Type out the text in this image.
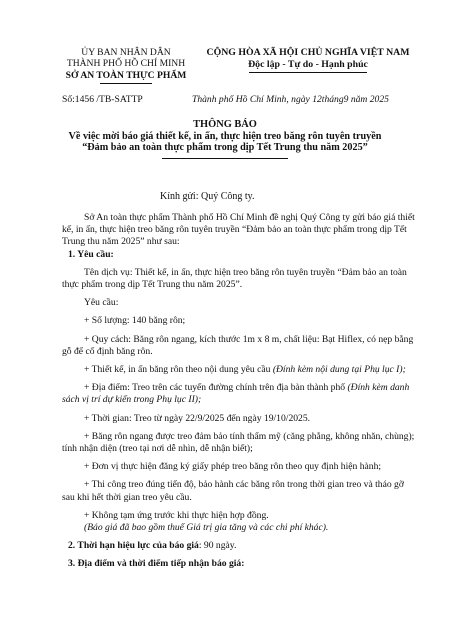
ỦY BAN NHÂN DÂN
THÀNH PHỐ HỒ CHÍ MINH
SỞ AN TOÀN THỰC PHẨM
CỘNG HÒA XÃ HỘI CHỦ NGHĨA VIỆT NAM
Độc lập - Tự do - Hạnh phúc
Số:1456 /TB-SATTP	Thành phố Hồ Chí Minh, ngày 12tháng9 năm 2025
THÔNG BÁO
Về việc mời báo giá thiết kế, in ấn, thực hiện treo băng rôn tuyên truyền
“Đảm bảo an toàn thực phẩm trong dịp Tết Trung thu năm 2025”
Kính gửi: Quý Công ty.

Sở An toàn thực phẩm Thành phố Hồ Chí Minh đề nghị Quý Công ty gửi báo giá thiết kế, in ấn, thực hiện treo băng rôn tuyên truyền “Đảm bảo an toàn thực phẩm trong dịp Tết Trung thu năm 2025” như sau:

1. Yêu cầu:

Tên dịch vụ: Thiết kế, in ấn, thực hiện treo băng rôn tuyên truyền “Đảm bảo an toàn thực phẩm trong dịp Tết Trung thu năm 2025”.

Yêu cầu:

+ Số lượng: 140 băng rôn;

+ Quy cách: Băng rôn ngang, kích thước 1m x 8 m, chất liệu: Bạt Hiflex, có nẹp bằng gỗ để cố định băng rôn.

+ Thiết kế, in ấn băng rôn theo nội dung yêu cầu (Đính kèm nội dung tại Phụ lục I);

+ Địa điểm: Treo trên các tuyến đường chính trên địa bàn thành phố (Đính kèm danh sách vị trí dự kiến trong Phụ lục II);

+ Thời gian: Treo từ ngày 22/9/2025 đến ngày 19/10/2025.

+ Băng rôn ngang được treo đảm bảo tính thẩm mỹ (căng phẳng, không nhăn, chùng); tính nhận diện (treo tại nơi dễ nhìn, dễ nhận biết);

+ Đơn vị thực hiện đăng ký giấy phép treo băng rôn theo quy định hiện hành;

+ Thi công treo đúng tiến độ, bảo hành các băng rôn trong thời gian treo và tháo gỡ sau khi hết thời gian treo yêu cầu.

+ Không tạm ứng trước khi thực hiện hợp đồng.

(Báo giá đã bao gồm thuế Giá trị gia tăng và các chi phí khác).

2. Thời hạn hiệu lực của báo giá: 90 ngày.

3. Địa điểm và thời điểm tiếp nhận báo giá:
